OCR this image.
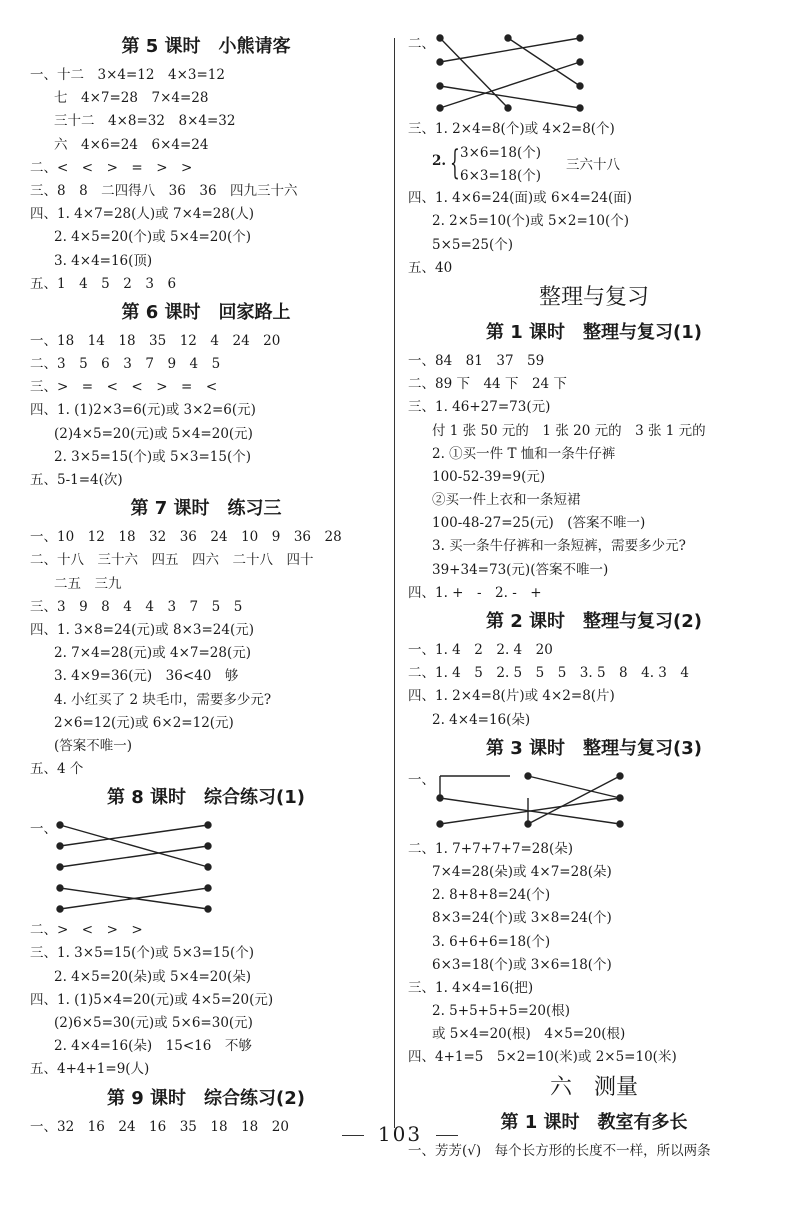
第 5 课时　小熊请客
一、十二　3×4=12　4×3=12
七　4×7=28　7×4=28
三十二　4×8=32　8×4=32
六　4×6=24　6×4=24
二、<　<　>　=　>　>
三、8　8　二四得八　36　36　四九三十六
四、1. 4×7=28(人)或 7×4=28(人)
2. 4×5=20(个)或 5×4=20(个)
3. 4×4=16(顶)
五、1　4　5　2　3　6
第 6 课时　回家路上
一、18　14　18　35　12　4　24　20
二、3　5　6　3　7　9　4　5
三、>　=　<　<　>　=　<
四、1. (1)2×3=6(元)或 3×2=6(元)
(2)4×5=20(元)或 5×4=20(元)
2. 3×5=15(个)或 5×3=15(个)
五、5-1=4(次)
第 7 课时　练习三
一、10　12　18　32　36　24　10　9　36　28
二、十八　三十六　四五　四六　二十八　四十
二五　三九
三、3　9　8　4　4　3　7　5　5
四、1. 3×8=24(元)或 8×3=24(元)
2. 7×4=28(元)或 4×7=28(元)
3. 4×9=36(元)　36<40　够
4. 小红买了 2 块毛巾，需要多少元?
2×6=12(元)或 6×2=12(元)
(答案不唯一)
五、4 个
第 8 课时　综合练习(1)
一、
二、>　<　>　>
三、1. 3×5=15(个)或 5×3=15(个)
2. 4×5=20(朵)或 5×4=20(朵)
四、1. (1)5×4=20(元)或 4×5=20(元)
(2)6×5=30(元)或 5×6=30(元)
2. 4×4=16(朵)　15<16　不够
五、4+4+1=9(人)
第 9 课时　综合练习(2)
一、32　16　24　16　35　18　18　20
二、
三、1. 2×4=8(个)或 4×2=8(个)
2. { 3×6=18(个)
6×3=18(个)
三六十八
四、1. 4×6=24(面)或 6×4=24(面)
2. 2×5=10(个)或 5×2=10(个)
5×5=25(个)
五、40
整理与复习
第 1 课时　整理与复习(1)
一、84　81　37　59
二、89 下　44 下　24 下
三、1. 46+27=73(元)
付 1 张 50 元的　1 张 20 元的　3 张 1 元的
2. ①买一件 T 恤和一条牛仔裤
100-52-39=9(元)
②买一件上衣和一条短裙
100-48-27=25(元)　(答案不唯一)
3. 买一条牛仔裤和一条短裤，需要多少元?
39+34=73(元)(答案不唯一)
四、1. +　-　2. -　+
第 2 课时　整理与复习(2)
一、1. 4　2　2. 4　20
二、1. 4　5　2. 5　5　5　3. 5　8　4. 3　4
四、1. 2×4=8(片)或 4×2=8(片)
2. 4×4=16(朵)
第 3 课时　整理与复习(3)
一、
二、1. 7+7+7+7=28(朵)
7×4=28(朵)或 4×7=28(朵)
2. 8+8+8=24(个)
8×3=24(个)或 3×8=24(个)
3. 6+6+6=18(个)
6×3=18(个)或 3×6=18(个)
三、1. 4×4=16(把)
2. 5+5+5+5=20(根)
或 5×4=20(根)　4×5=20(根)
四、4+1=5　5×2=10(米)或 2×5=10(米)
六　测量
第 1 课时　教室有多长
一、芳芳(√)　每个长方形的长度不一样，所以两条
103
